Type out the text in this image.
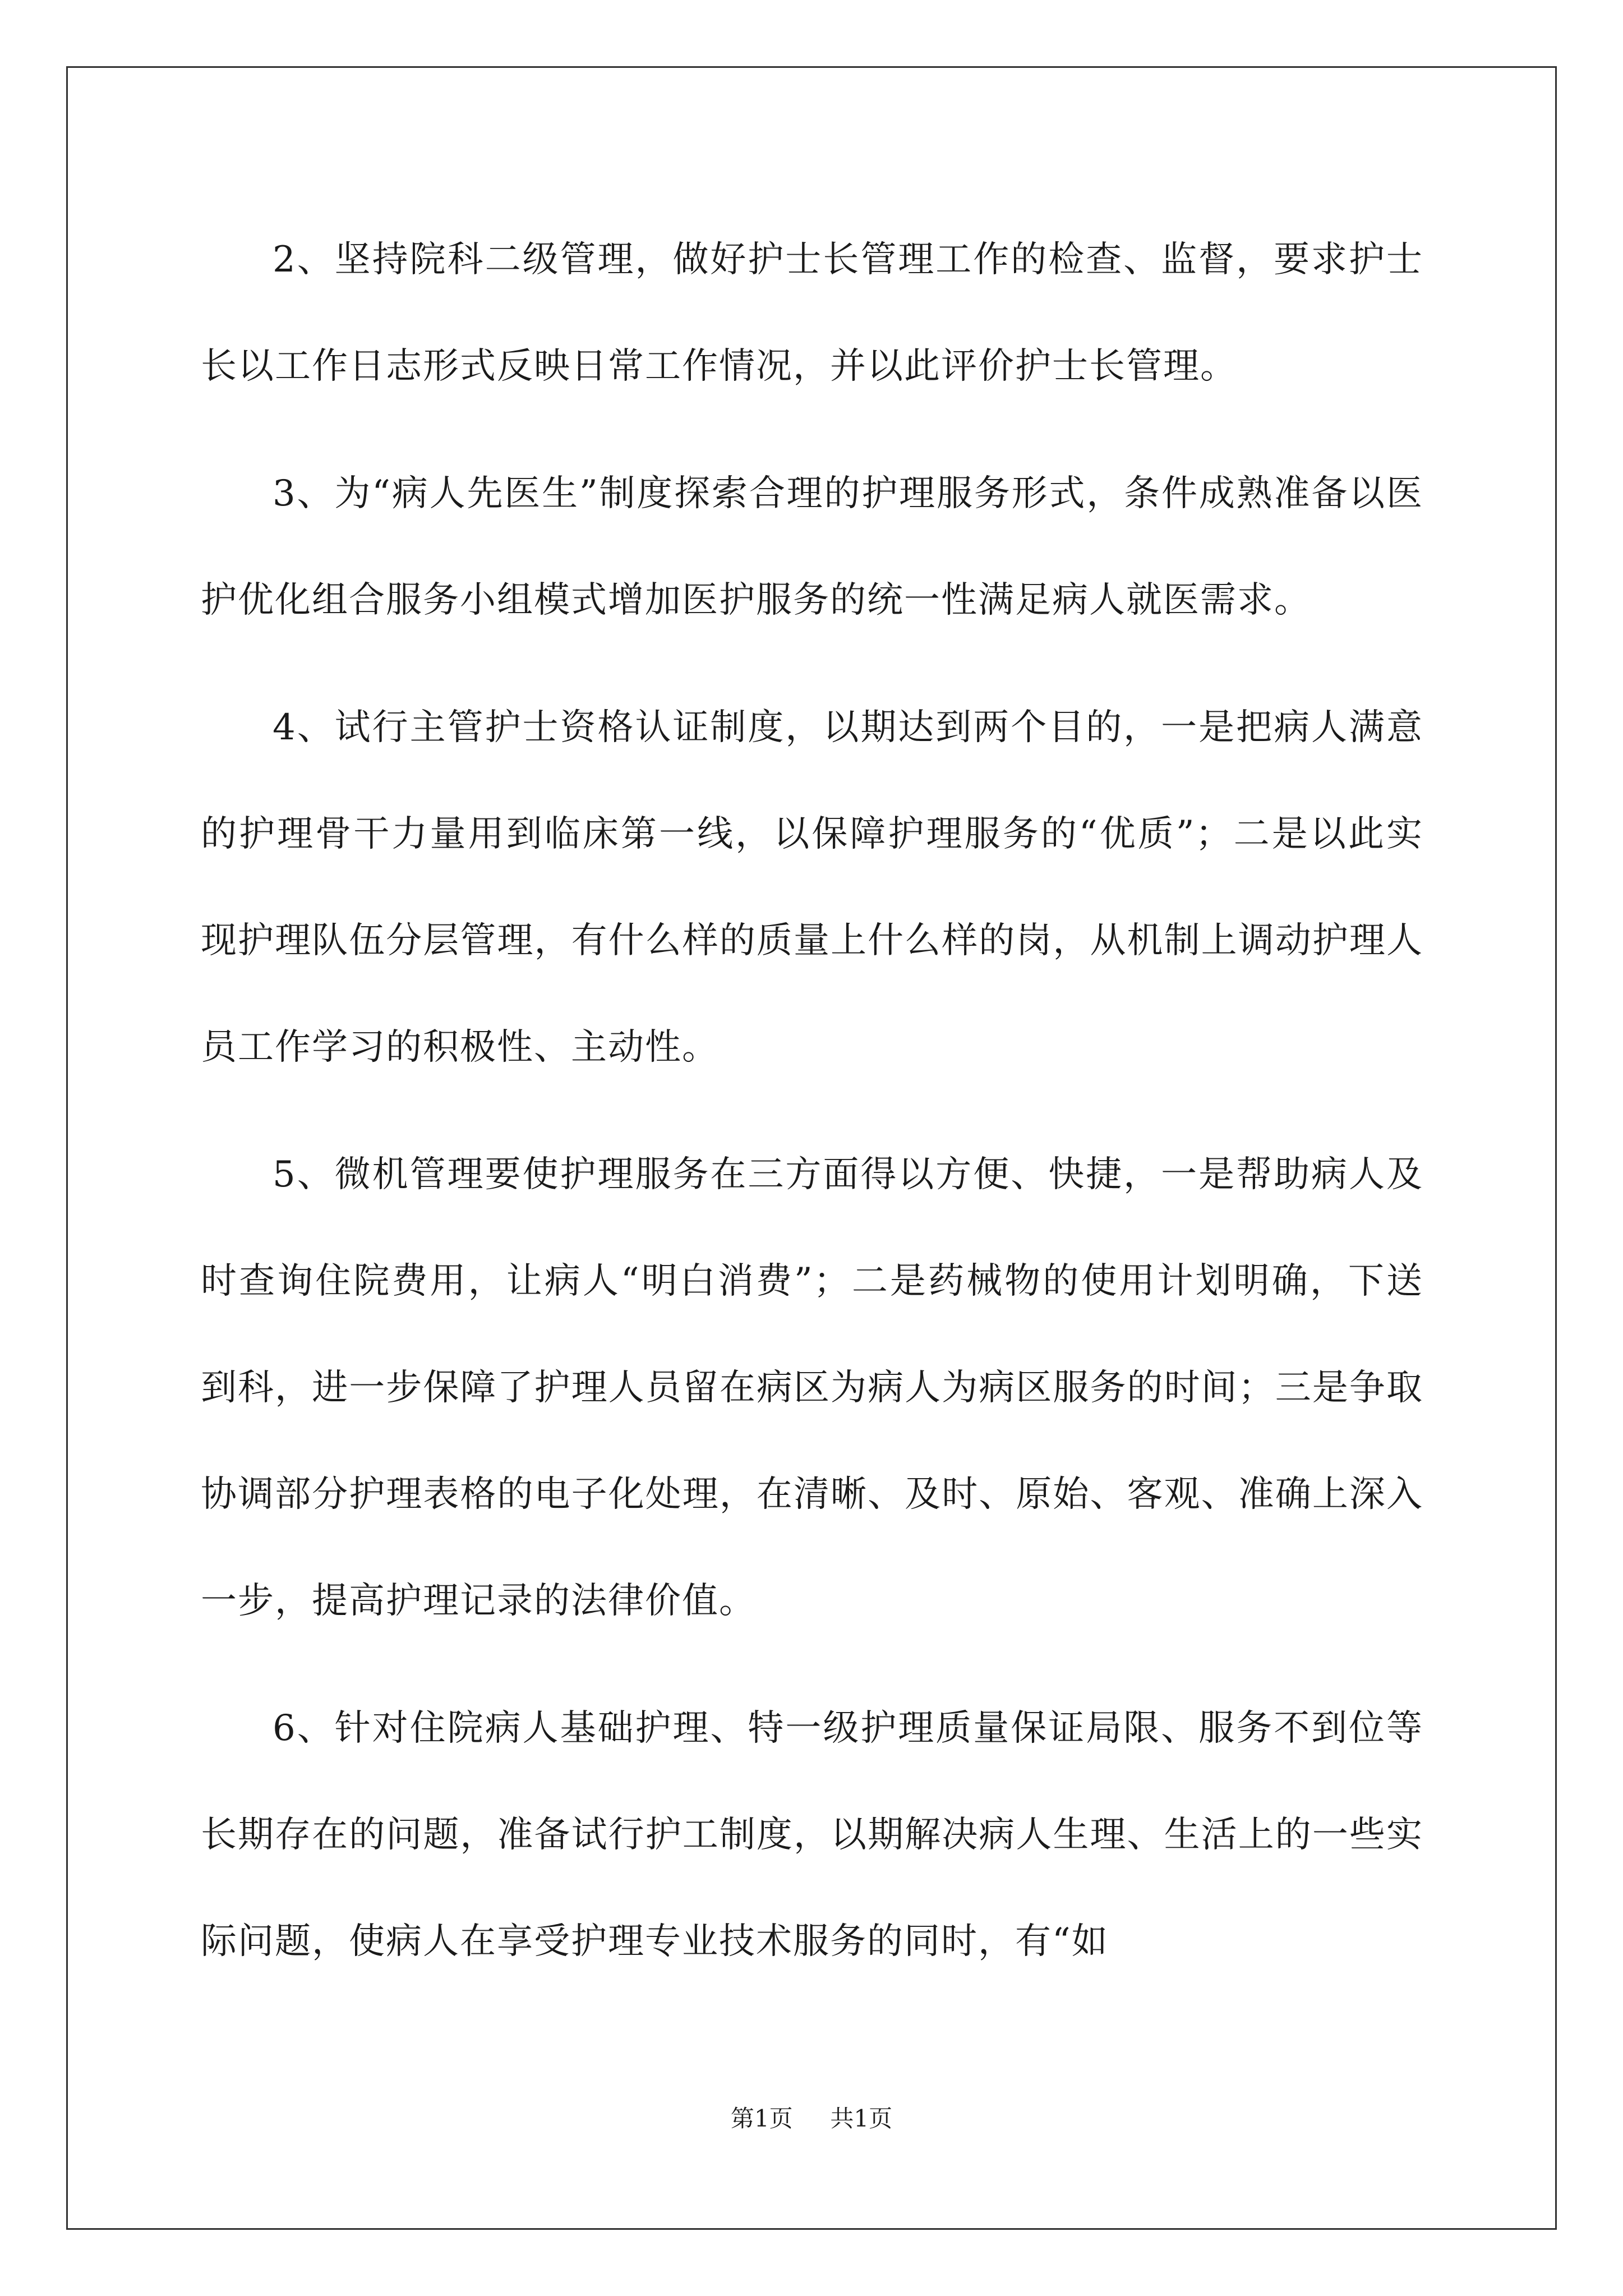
2、坚持院科二级管理，做好护士长管理工作的检查、监督，要求护士长以工作日志形式反映日常工作情况，并以此评价护士长管理。

3、为“病人先医生”制度探索合理的护理服务形式，条件成熟准备以医护优化组合服务小组模式增加医护服务的统一性满足病人就医需求。

4、试行主管护士资格认证制度，以期达到两个目的，一是把病人满意的护理骨干力量用到临床第一线，以保障护理服务的“优质”；二是以此实现护理队伍分层管理，有什么样的质量上什么样的岗，从机制上调动护理人员工作学习的积极性、主动性。

5、微机管理要使护理服务在三方面得以方便、快捷，一是帮助病人及时查询住院费用，让病人“明白消费”；二是药械物的使用计划明确，下送到科，进一步保障了护理人员留在病区为病人为病区服务的时间；三是争取协调部分护理表格的电子化处理，在清晰、及时、原始、客观、准确上深入一步，提高护理记录的法律价值。

6、针对住院病人基础护理、特一级护理质量保证局限、服务不到位等长期存在的问题，准备试行护工制度，以期解决病人生理、生活上的一些实际问题，使病人在享受护理专业技术服务的同时，有“如

第1页 共1页
